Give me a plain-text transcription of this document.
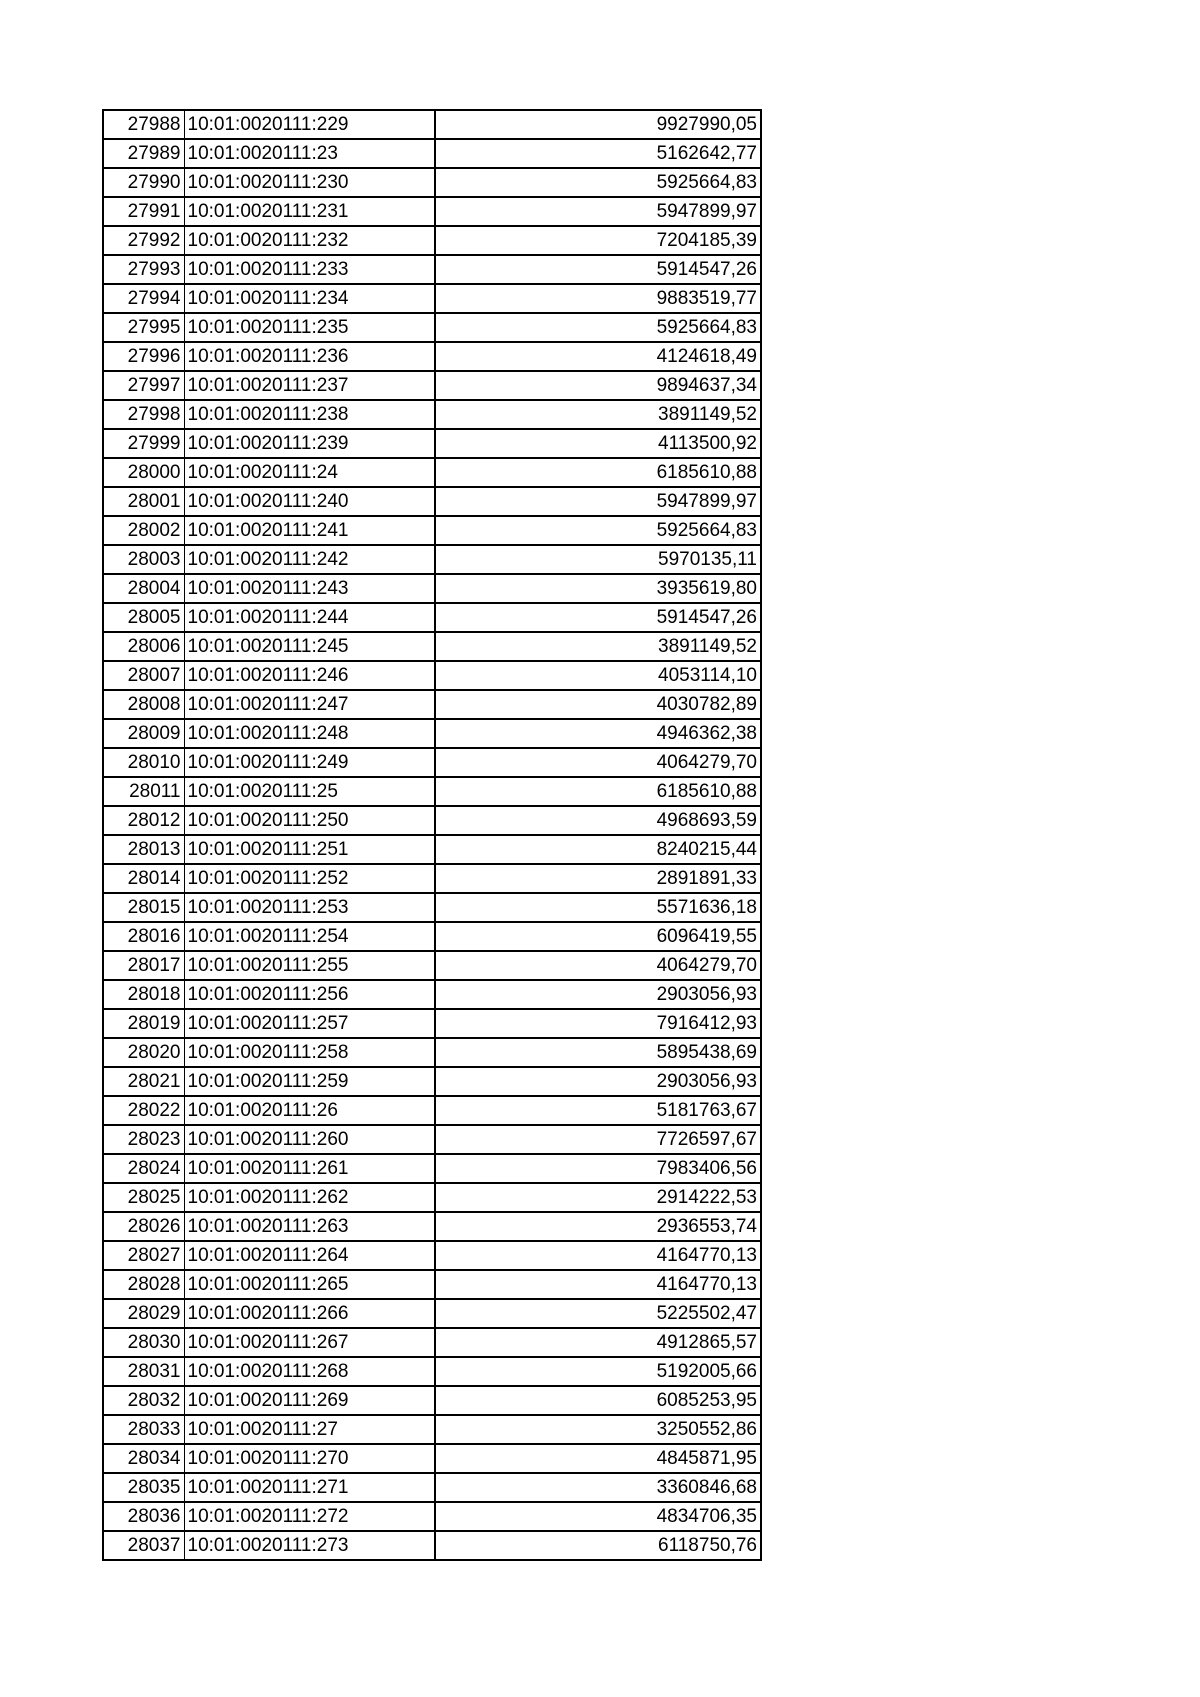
27988	10:01:0020111:229	9927990,05
27989	10:01:0020111:23	5162642,77
27990	10:01:0020111:230	5925664,83
27991	10:01:0020111:231	5947899,97
27992	10:01:0020111:232	7204185,39
27993	10:01:0020111:233	5914547,26
27994	10:01:0020111:234	9883519,77
27995	10:01:0020111:235	5925664,83
27996	10:01:0020111:236	4124618,49
27997	10:01:0020111:237	9894637,34
27998	10:01:0020111:238	3891149,52
27999	10:01:0020111:239	4113500,92
28000	10:01:0020111:24	6185610,88
28001	10:01:0020111:240	5947899,97
28002	10:01:0020111:241	5925664,83
28003	10:01:0020111:242	5970135,11
28004	10:01:0020111:243	3935619,80
28005	10:01:0020111:244	5914547,26
28006	10:01:0020111:245	3891149,52
28007	10:01:0020111:246	4053114,10
28008	10:01:0020111:247	4030782,89
28009	10:01:0020111:248	4946362,38
28010	10:01:0020111:249	4064279,70
28011	10:01:0020111:25	6185610,88
28012	10:01:0020111:250	4968693,59
28013	10:01:0020111:251	8240215,44
28014	10:01:0020111:252	2891891,33
28015	10:01:0020111:253	5571636,18
28016	10:01:0020111:254	6096419,55
28017	10:01:0020111:255	4064279,70
28018	10:01:0020111:256	2903056,93
28019	10:01:0020111:257	7916412,93
28020	10:01:0020111:258	5895438,69
28021	10:01:0020111:259	2903056,93
28022	10:01:0020111:26	5181763,67
28023	10:01:0020111:260	7726597,67
28024	10:01:0020111:261	7983406,56
28025	10:01:0020111:262	2914222,53
28026	10:01:0020111:263	2936553,74
28027	10:01:0020111:264	4164770,13
28028	10:01:0020111:265	4164770,13
28029	10:01:0020111:266	5225502,47
28030	10:01:0020111:267	4912865,57
28031	10:01:0020111:268	5192005,66
28032	10:01:0020111:269	6085253,95
28033	10:01:0020111:27	3250552,86
28034	10:01:0020111:270	4845871,95
28035	10:01:0020111:271	3360846,68
28036	10:01:0020111:272	4834706,35
28037	10:01:0020111:273	6118750,76
